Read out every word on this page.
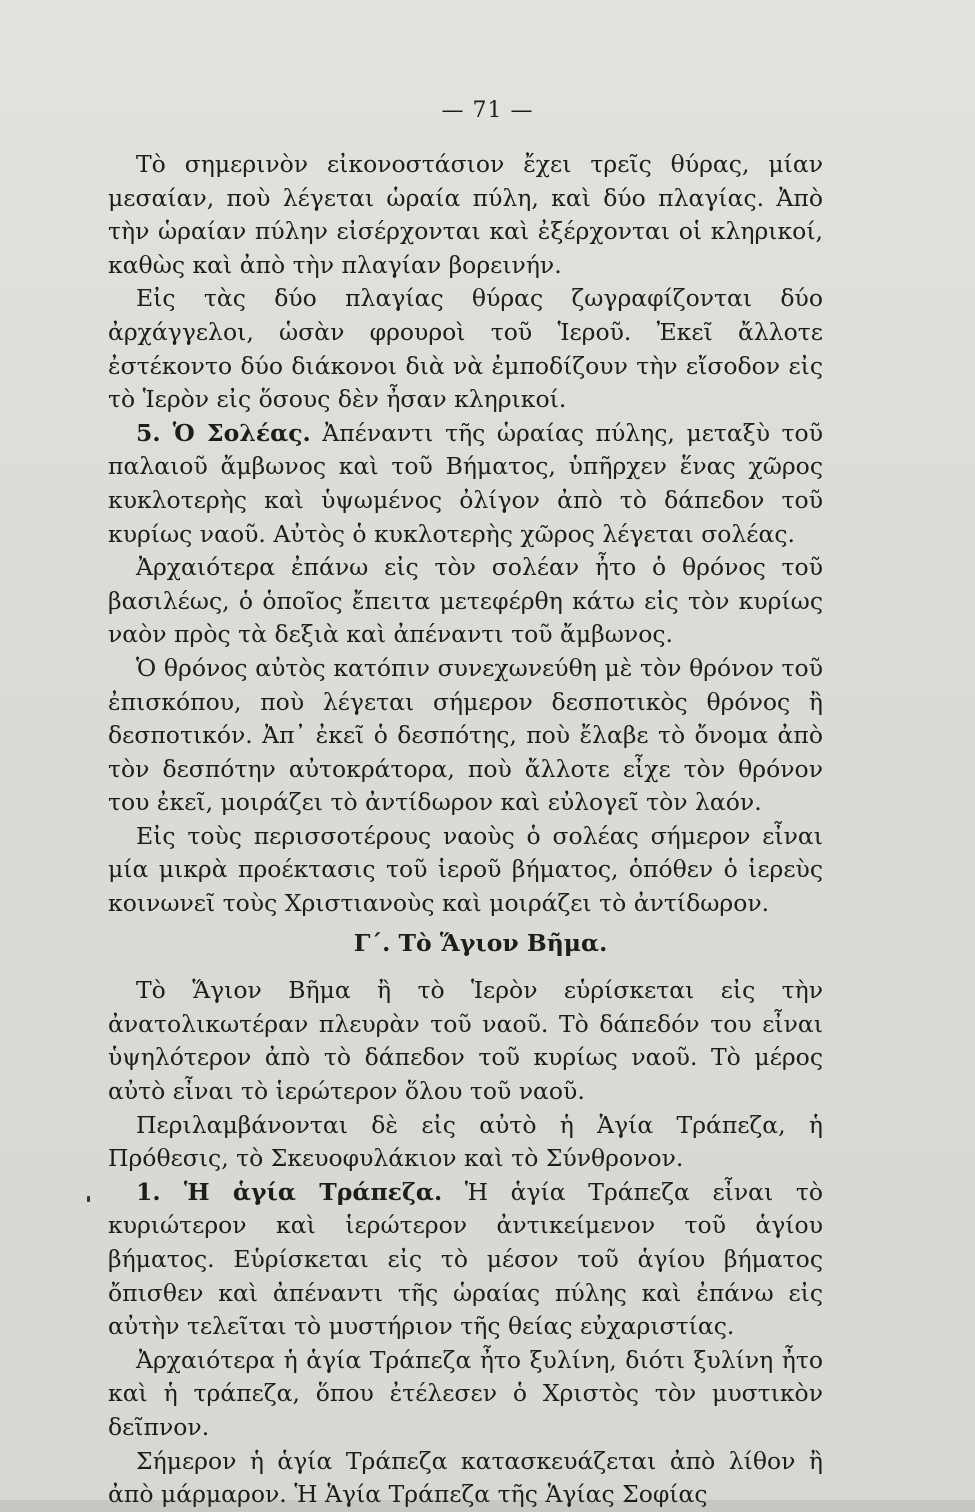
— 71 —

Τὸ σημερινὸν εἰκονοστάσιον ἔχει τρεῖς θύρας, μίαν μεσαίαν, ποὺ λέγεται ὡραία πύλη, καὶ δύο πλαγίας. Ἀπὸ τὴν ὡραίαν πύλην εἰσέρχονται καὶ ἐξέρχονται οἱ κληρικοί, καθὼς καὶ ἀπὸ τὴν πλαγίαν βορεινήν.

Εἰς τὰς δύο πλαγίας θύρας ζωγραφίζονται δύο ἀρχάγγελοι, ὡσὰν φρουροὶ τοῦ Ἱεροῦ. Ἐκεῖ ἄλλοτε ἐστέκοντο δύο διάκονοι διὰ νὰ ἐμποδίζουν τὴν εἴσοδον εἰς τὸ Ἱερὸν εἰς ὅσους δὲν ἦσαν κληρικοί.

5. Ὁ Σολέας. Ἀπέναντι τῆς ὡραίας πύλης, μεταξὺ τοῦ παλαιοῦ ἄμβωνος καὶ τοῦ Βήματος, ὑπῆρχεν ἕνας χῶρος κυκλοτερὴς καὶ ὑψωμένος ὀλίγον ἀπὸ τὸ δάπεδον τοῦ κυρίως ναοῦ. Αὐτὸς ὁ κυκλοτερὴς χῶρος λέγεται σολέας.

Ἀρχαιότερα ἐπάνω εἰς τὸν σολέαν ἦτο ὁ θρόνος τοῦ βασιλέως, ὁ ὁποῖος ἔπειτα μετεφέρθη κάτω εἰς τὸν κυρίως ναὸν πρὸς τὰ δεξιὰ καὶ ἀπέναντι τοῦ ἄμβωνος.

Ὁ θρόνος αὐτὸς κατόπιν συνεχωνεύθη μὲ τὸν θρόνον τοῦ ἐπισκόπου, ποὺ λέγεται σήμερον δεσποτικὸς θρόνος ἢ δεσποτικόν. Ἀπ᾽ ἐκεῖ ὁ δεσπότης, ποὺ ἔλαβε τὸ ὄνομα ἀπὸ τὸν δεσπότην αὐτοκράτορα, ποὺ ἄλλοτε εἶχε τὸν θρόνον του ἐκεῖ, μοιράζει τὸ ἀντίδωρον καὶ εὐλογεῖ τὸν λαόν.

Εἰς τοὺς περισσοτέρους ναοὺς ὁ σολέας σήμερον εἶναι μία μικρὰ προέκτασις τοῦ ἱεροῦ βήματος, ὁπόθεν ὁ ἱερεὺς κοινωνεῖ τοὺς Χριστιανοὺς καὶ μοιράζει τὸ ἀντίδωρον.

Γ΄. Τὸ Ἅγιον Βῆμα.

Τὸ Ἅγιον Βῆμα ἢ τὸ Ἱερὸν εὑρίσκεται εἰς τὴν ἀνατολικωτέραν πλευρὰν τοῦ ναοῦ. Τὸ δάπεδόν του εἶναι ὑψηλότερον ἀπὸ τὸ δάπεδον τοῦ κυρίως ναοῦ. Τὸ μέρος αὐτὸ εἶναι τὸ ἱερώτερον ὅλου τοῦ ναοῦ.

Περιλαμβάνονται δὲ εἰς αὐτὸ ἡ Ἁγία Τράπεζα, ἡ Πρόθεσις, τὸ Σκευοφυλάκιον καὶ τὸ Σύνθρονον.

1. Ἡ ἁγία Τράπεζα. Ἡ ἁγία Τράπεζα εἶναι τὸ κυριώτερον καὶ ἱερώτερον ἀντικείμενον τοῦ ἁγίου βήματος. Εὑρίσκεται εἰς τὸ μέσον τοῦ ἁγίου βήματος ὄπισθεν καὶ ἀπέναντι τῆς ὡραίας πύλης καὶ ἐπάνω εἰς αὐτὴν τελεῖται τὸ μυστήριον τῆς θείας εὐχαριστίας.

Ἀρχαιότερα ἡ ἁγία Τράπεζα ἦτο ξυλίνη, διότι ξυλίνη ἦτο καὶ ἡ τράπεζα, ὅπου ἐτέλεσεν ὁ Χριστὸς τὸν μυστικὸν δεῖπνον.

Σήμερον ἡ ἁγία Τράπεζα κατασκευάζεται ἀπὸ λίθον ἢ ἀπὸ μάρμαρον. Ἡ Ἁγία Τράπεζα τῆς Ἁγίας Σοφίας
